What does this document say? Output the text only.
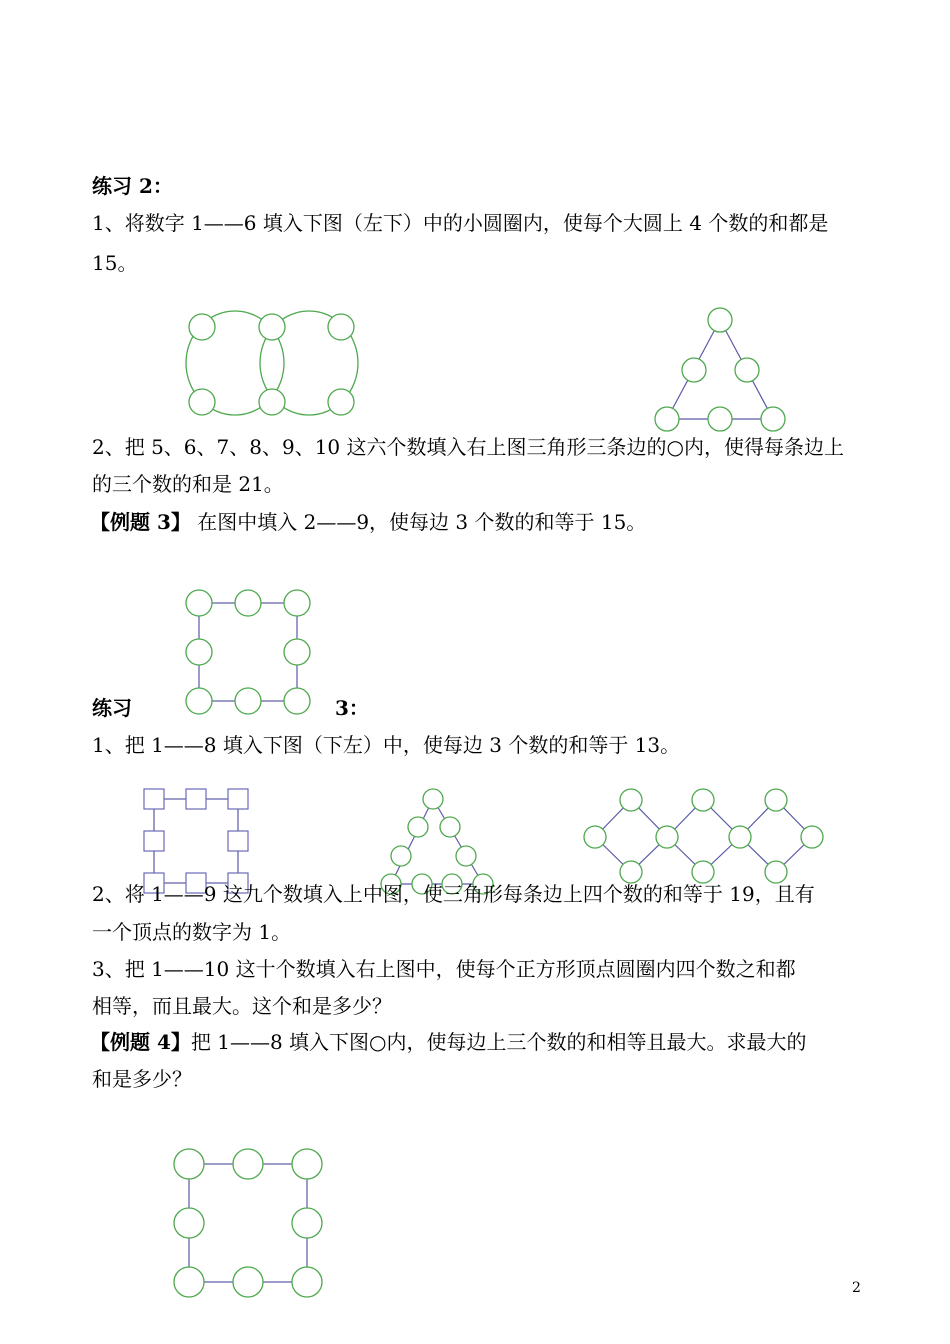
练习 2：
1、将数字 1——6 填入下图（左下）中的小圆圈内，使每个大圆上 4 个数的和都是
15。
2、把 5、6、7、8、9、10 这六个数填入右上图三角形三条边的○内，使得每条边上
的三个数的和是 21。
【例题 3】 在图中填入 2——9，使每边 3 个数的和等于 15。
练习	3：
1、把 1——8 填入下图（下左）中，使每边 3 个数的和等于 13。
2、将 1——9 这九个数填入上中图，使三角形每条边上四个数的和等于 19，且有
一个顶点的数字为 1。
3、把 1——10 这十个数填入右上图中，使每个正方形顶点圆圈内四个数之和都
相等，而且最大。这个和是多少？
【例题 4】把 1——8 填入下图○内，使每边上三个数的和相等且最大。求最大的
和是多少？
2
